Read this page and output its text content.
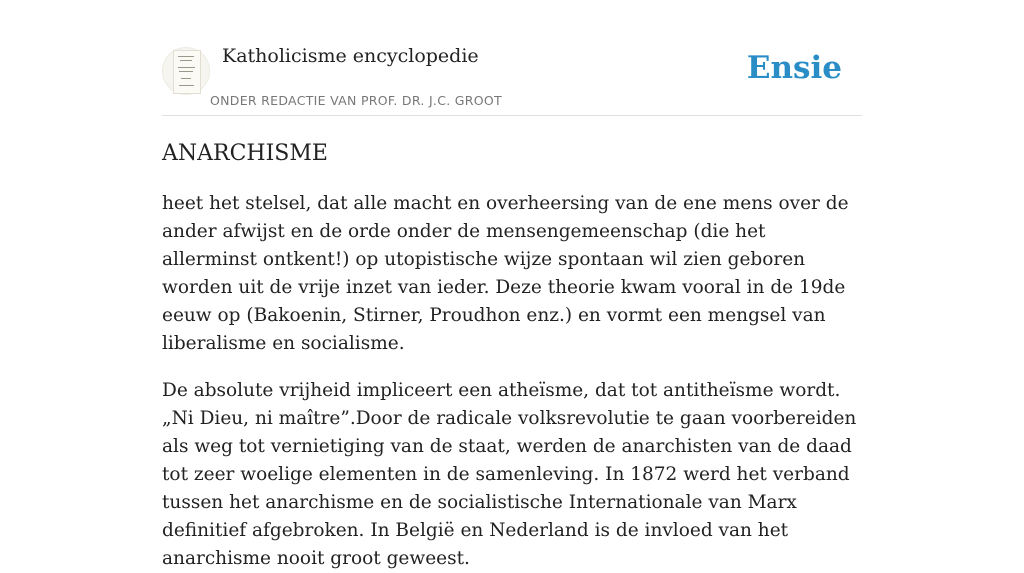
Katholicisme encyclopedie
ONDER REDACTIE VAN PROF. DR. J.C. GROOT
Ensie
ANARCHISME

heet het stelsel, dat alle macht en overheersing van de ene mens over de ander afwijst en de orde onder de mensengemeenschap (die het allerminst ontkent!) op utopistische wijze spontaan wil zien geboren worden uit de vrije inzet van ieder. Deze theorie kwam vooral in de 19de eeuw op (Bakoenin, Stirner, Proudhon enz.) en vormt een mengsel van liberalisme en socialisme.

De absolute vrijheid impliceert een atheïsme, dat tot antitheïsme wordt. „Ni Dieu, ni maître”.Door de radicale volksrevolutie te gaan voorbereiden als weg tot vernietiging van de staat, werden de anarchisten van de daad tot zeer woelige elementen in de samenleving. In 1872 werd het verband tussen het anarchisme en de socialistische Internationale van Marx definitief afgebroken. In België en Nederland is de invloed van het anarchisme nooit groot geweest.
